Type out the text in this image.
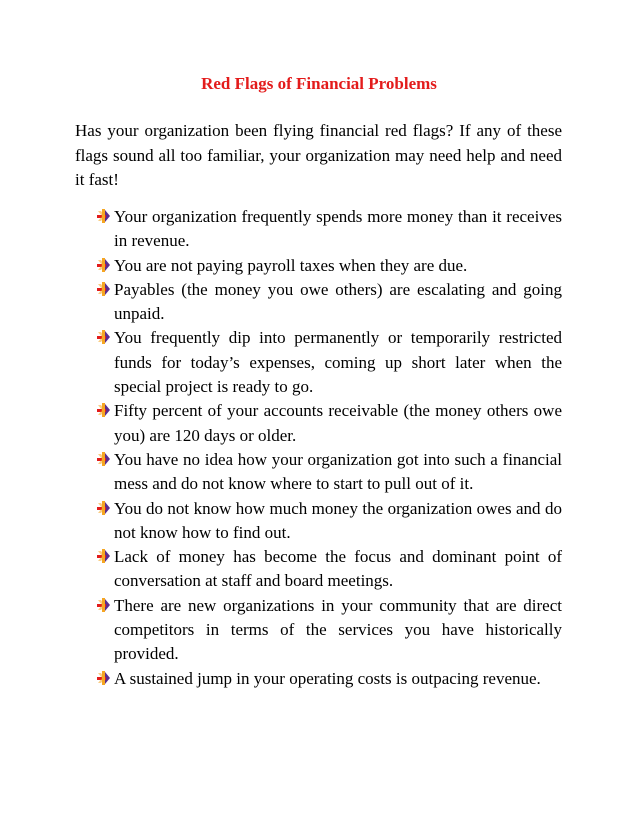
Red Flags of Financial Problems
Has your organization been flying financial red flags? If any of these flags sound all too familiar, your organization may need help and need it fast!
Your organization frequently spends more money than it receives in revenue.
You are not paying payroll taxes when they are due.
Payables (the money you owe others) are escalating and going unpaid.
You frequently dip into permanently or temporarily restricted funds for today’s expenses, coming up short later when the special project is ready to go.
Fifty percent of your accounts receivable (the money others owe you) are 120 days or older.
You have no idea how your organization got into such a financial mess and do not know where to start to pull out of it.
You do not know how much money the organization owes and do not know how to find out.
Lack of money has become the focus and dominant point of conversation at staff and board meetings.
There are new organizations in your community that are direct competitors in terms of the services you have historically provided.
A sustained jump in your operating costs is outpacing revenue.
